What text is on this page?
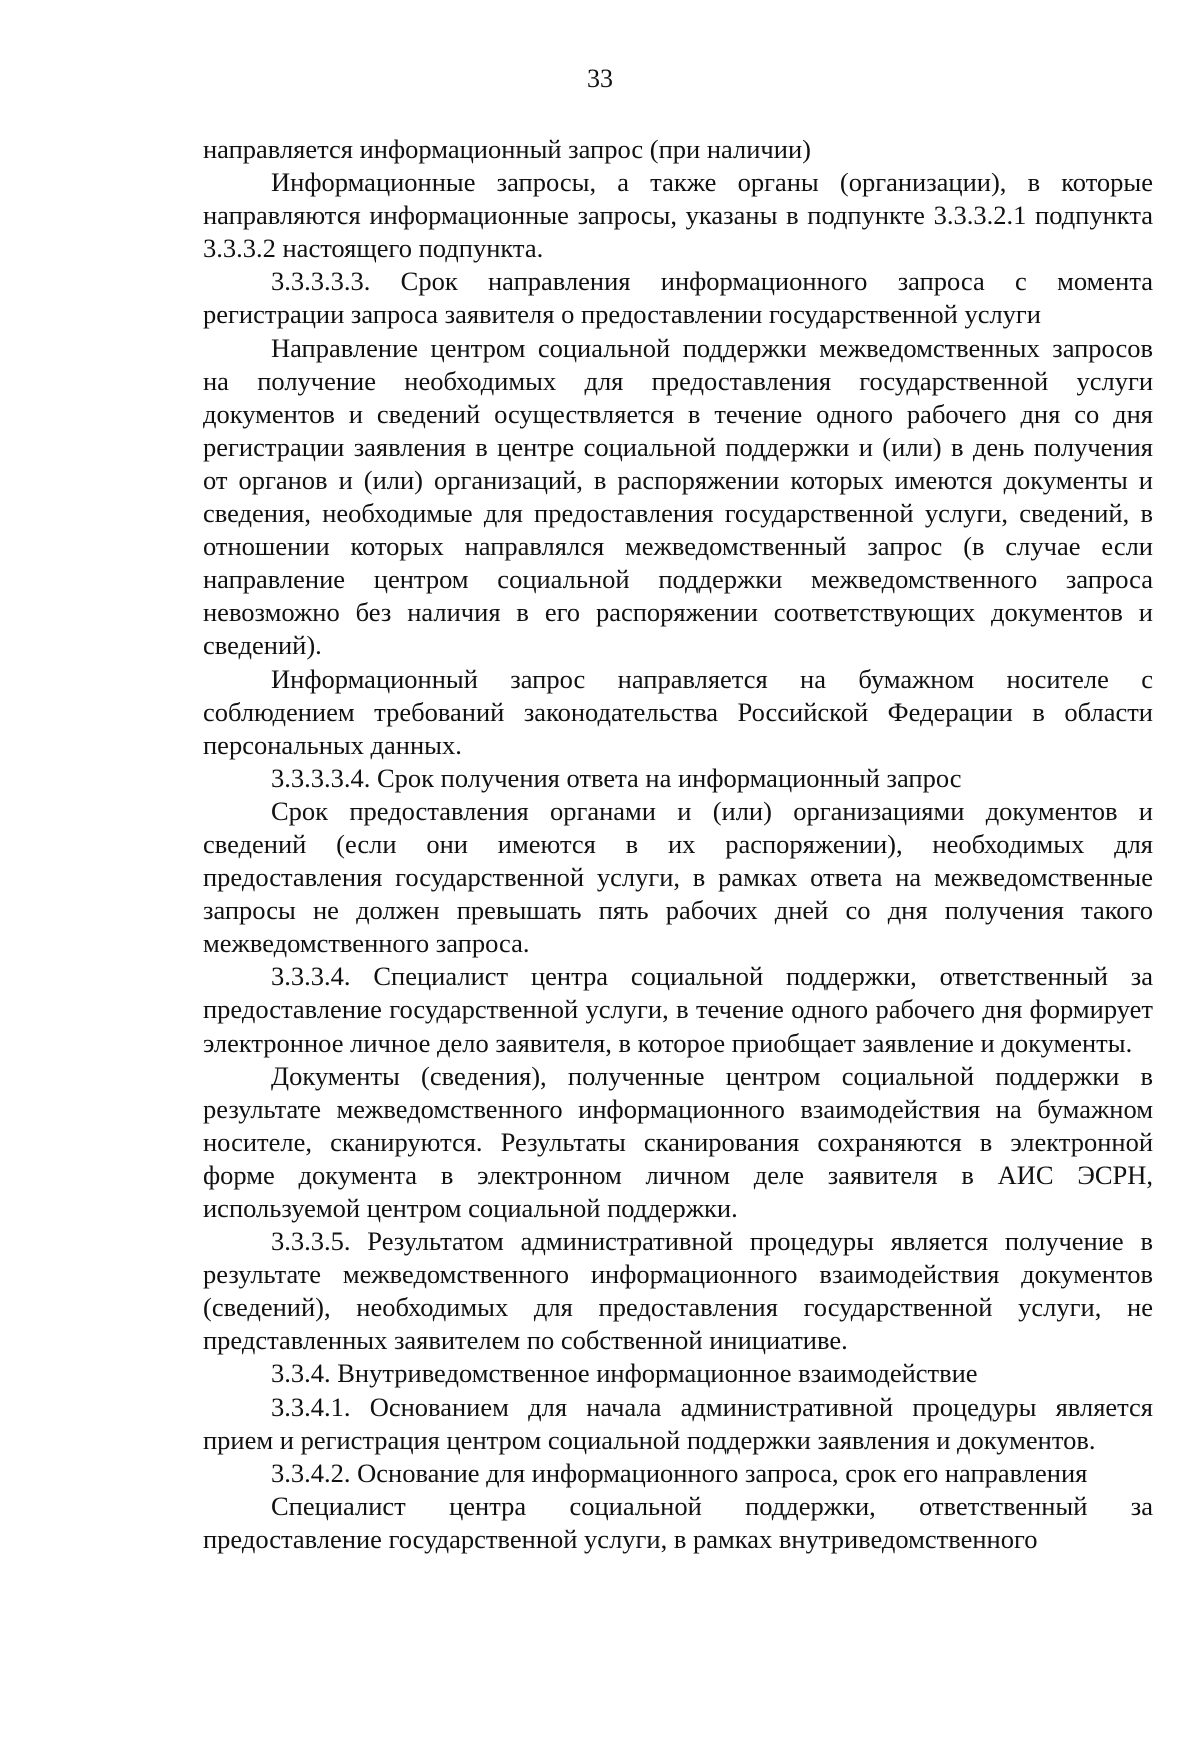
33

направляется информационный запрос (при наличии)

Информационные запросы, а также органы (организации), в которые направляются информационные запросы, указаны в подпункте 3.3.3.2.1 подпункта 3.3.3.2 настоящего подпункта.

3.3.3.3.3. Срок направления информационного запроса с момента регистрации запроса заявителя о предоставлении государственной услуги

Направление центром социальной поддержки межведомственных запросов на получение необходимых для предоставления государственной услуги документов и сведений осуществляется в течение одного рабочего дня со дня регистрации заявления в центре социальной поддержки и (или) в день получения от органов и (или) организаций, в распоряжении которых имеются документы и сведения, необходимые для предоставления государственной услуги, сведений, в отношении которых направлялся межведомственный запрос (в случае если направление центром социальной поддержки межведомственного запроса невозможно без наличия в его распоряжении соответствующих документов и сведений).

Информационный запрос направляется на бумажном носителе с соблюдением требований законодательства Российской Федерации в области персональных данных.

3.3.3.3.4. Срок получения ответа на информационный запрос

Срок предоставления органами и (или) организациями документов и сведений (если они имеются в их распоряжении), необходимых для предоставления государственной услуги, в рамках ответа на межведомственные запросы не должен превышать пять рабочих дней со дня получения такого межведомственного запроса.

3.3.3.4. Специалист центра социальной поддержки, ответственный за предоставление государственной услуги, в течение одного рабочего дня формирует электронное личное дело заявителя, в которое приобщает заявление и документы.

Документы (сведения), полученные центром социальной поддержки в результате межведомственного информационного взаимодействия на бумажном носителе, сканируются. Результаты сканирования сохраняются в электронной форме документа в электронном личном деле заявителя в АИС ЭСРН, используемой центром социальной поддержки.

3.3.3.5. Результатом административной процедуры является получение в результате межведомственного информационного взаимодействия документов (сведений), необходимых для предоставления государственной услуги, не представленных заявителем по собственной инициативе.

3.3.4. Внутриведомственное информационное взаимодействие

3.3.4.1. Основанием для начала административной процедуры является прием и регистрация центром социальной поддержки заявления и документов.

3.3.4.2. Основание для информационного запроса, срок его направления

Специалист центра социальной поддержки, ответственный за предоставление государственной услуги, в рамках внутриведомственного
